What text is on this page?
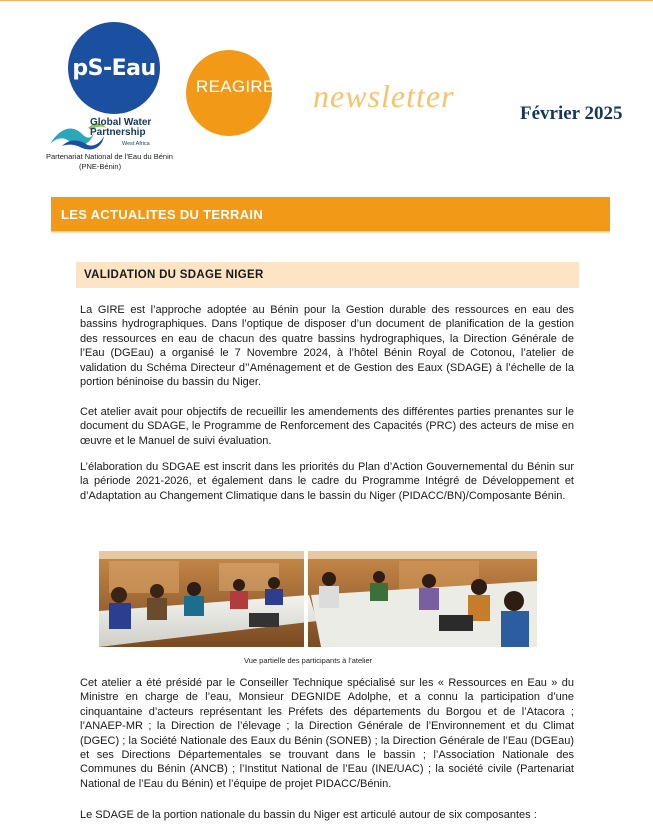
pS-Eau
REAGIRE newsletter	Février 2025
Global Water Partnership
West Africa
Partenariat National de l'Eau du Bénin
(PNE-Bénin)
LES ACTUALITES DU TERRAIN
VALIDATION DU SDAGE NIGER

La GIRE est l’approche adoptée au Bénin pour la Gestion durable des ressources en eau des bassins hydrographiques. Dans l’optique de disposer d’un document de planification de la gestion des ressources en eau de chacun des quatre bassins hydrographiques, la Direction Générale de l’Eau (DGEau) a organisé le 7 Novembre 2024, à l’hôtel Bénin Royal de Cotonou, l’atelier de validation du Schéma Directeur d’’Aménagement et de Gestion des Eaux (SDAGE) à l’échelle de la portion béninoise du bassin du Niger.

Cet atelier avait pour objectifs de recueillir les amendements des différentes parties prenantes sur le document du SDAGE, le Programme de Renforcement des Capacités (PRC) des acteurs de mise en œuvre et le Manuel de suivi évaluation.

L’élaboration du SDGAE est inscrit dans les priorités du Plan d’Action Gouvernemental du Bénin sur la période 2021-2026, et également dans le cadre du Programme Intégré de Développement et d’Adaptation au Changement Climatique dans le bassin du Niger (PIDACC/BN)/Composante Bénin.

Vue partielle des participants à l’atelier

Cet atelier a été présidé par le Conseiller Technique spécialisé sur les « Ressources en Eau » du Ministre en charge de l’eau, Monsieur DEGNIDE Adolphe, et a connu la participation d’une cinquantaine d’acteurs représentant les Préfets des départements du Borgou et de l’Atacora ; l’ANAEP-MR ; la Direction de l’élevage ; la Direction Générale de l’Environnement et du Climat (DGEC) ; la Société Nationale des Eaux du Bénin (SONEB) ; la Direction Générale de l’Eau (DGEau) et ses Directions Départementales se trouvant dans le bassin ; l’Association Nationale des Communes du Bénin (ANCB) ; l’Institut National de l’Eau (INE/UAC) ; la société civile (Partenariat National de l’Eau du Bénin) et l’équipe de projet PIDACC/Bénin.

Le SDAGE de la portion nationale du bassin du Niger est articulé autour de six composantes :
